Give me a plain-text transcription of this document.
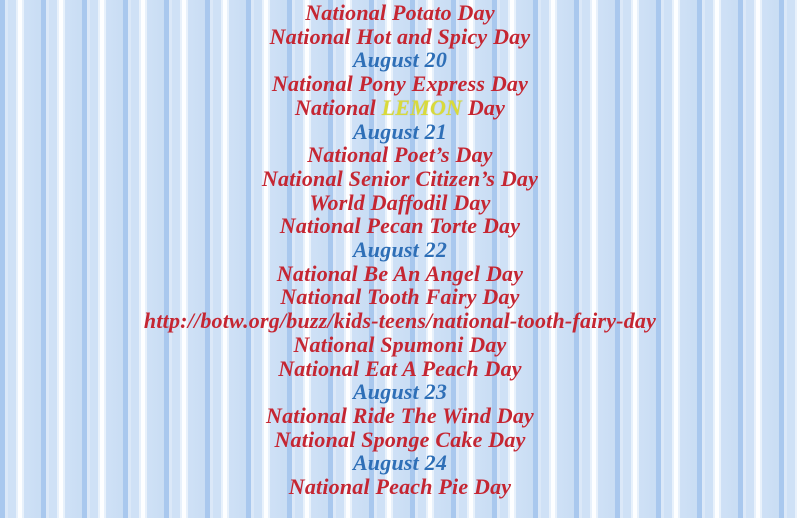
National Potato Day
National Hot and Spicy Day
August 20
National Pony Express Day
National LEMON Day
August 21
National Poet’s Day
National Senior Citizen’s Day
World Daffodil Day
National Pecan Torte Day
August 22
National Be An Angel Day
National Tooth Fairy Day
http://botw.org/buzz/kids-teens/national-tooth-fairy-day
National Spumoni Day
National Eat A Peach Day
August 23
National Ride The Wind Day
National Sponge Cake Day
August 24
National Peach Pie Day
